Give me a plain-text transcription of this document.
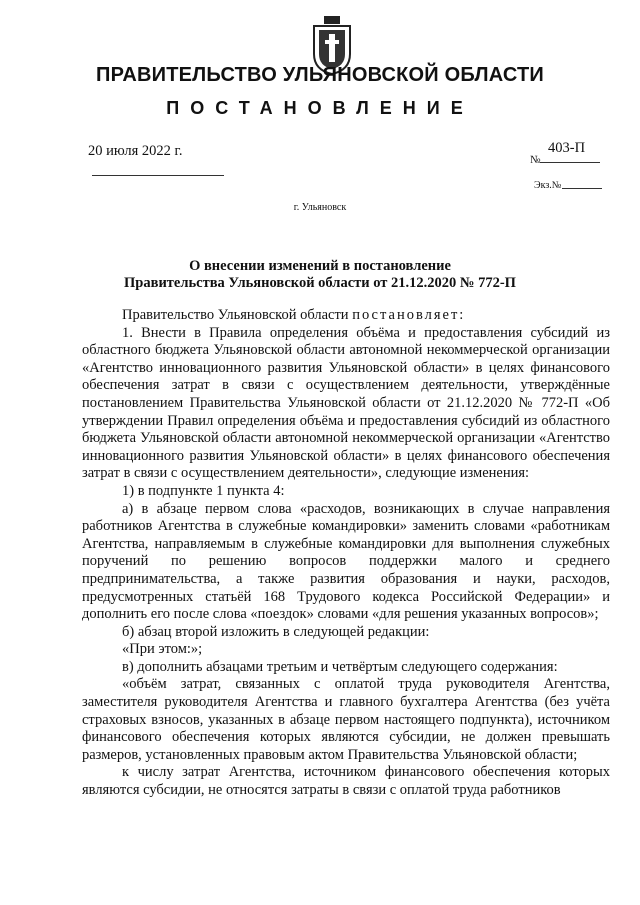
ПРАВИТЕЛЬСТВО УЛЬЯНОВСКОЙ ОБЛАСТИ
ПОСТАНОВЛЕНИЕ
20 июля 2022 г.	403-П
№
Экз.№
г. Ульяновск
О внесении изменений в постановление
Правительства Ульяновской области от 21.12.2020 № 772-П

Правительство Ульяновской области постановляет:

1. Внести в Правила определения объёма и предоставления субсидий из областного бюджета Ульяновской области автономной некоммерческой организации «Агентство инновационного развития Ульяновской области» в целях финансового обеспечения затрат в связи с осуществлением деятельности, утверждённые постановлением Правительства Ульяновской области от 21.12.2020 № 772-П «Об утверждении Правил определения объёма и предоставления субсидий из областного бюджета Ульяновской области автономной некоммерческой организации «Агентство инновационного развития Ульяновской области» в целях финансового обеспечения затрат в связи с осуществлением деятельности», следующие изменения:

1) в подпункте 1 пункта 4:

а) в абзаце первом слова «расходов, возникающих в случае направления работников Агентства в служебные командировки» заменить словами «работникам Агентства, направляемым в служебные командировки для выполнения служебных поручений по решению вопросов поддержки малого и среднего предпринимательства, а также развития образования и науки, расходов, предусмотренных статьёй 168 Трудового кодекса Российской Федерации» и дополнить его после слова «поездок» словами «для решения указанных вопросов»;

б) абзац второй изложить в следующей редакции:

«При этом:»;

в) дополнить абзацами третьим и четвёртым следующего содержания:

«объём затрат, связанных с оплатой труда руководителя Агентства, заместителя руководителя Агентства и главного бухгалтера Агентства (без учёта страховых взносов, указанных в абзаце первом настоящего подпункта), источником финансового обеспечения которых являются субсидии, не должен превышать размеров, установленных правовым актом Правительства Ульяновской области;

к числу затрат Агентства, источником финансового обеспечения которых являются субсидии, не относятся затраты в связи с оплатой труда работников
